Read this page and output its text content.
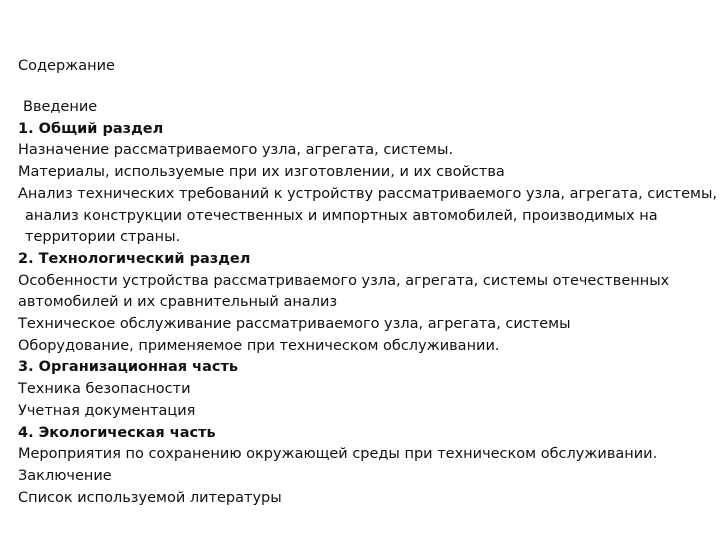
Содержание
Введение
1. Общий раздел
Назначение рассматриваемого узла, агрегата, системы.
Материалы, используемые при их изготовлении, и их свойства
Анализ технических требований к устройству рассматриваемого узла, агрегата, системы,
анализ конструкции отечественных и импортных автомобилей, производимых на
территории страны.
2. Технологический раздел
Особенности устройства рассматриваемого узла, агрегата, системы отечественных
автомобилей и их сравнительный анализ
Техническое обслуживание рассматриваемого узла, агрегата, системы
Оборудование, применяемое при техническом обслуживании.
3. Организационная часть
Техника безопасности
Учетная документация
4. Экологическая часть
Мероприятия по сохранению окружающей среды при техническом обслуживании.
Заключение
Список используемой литературы
